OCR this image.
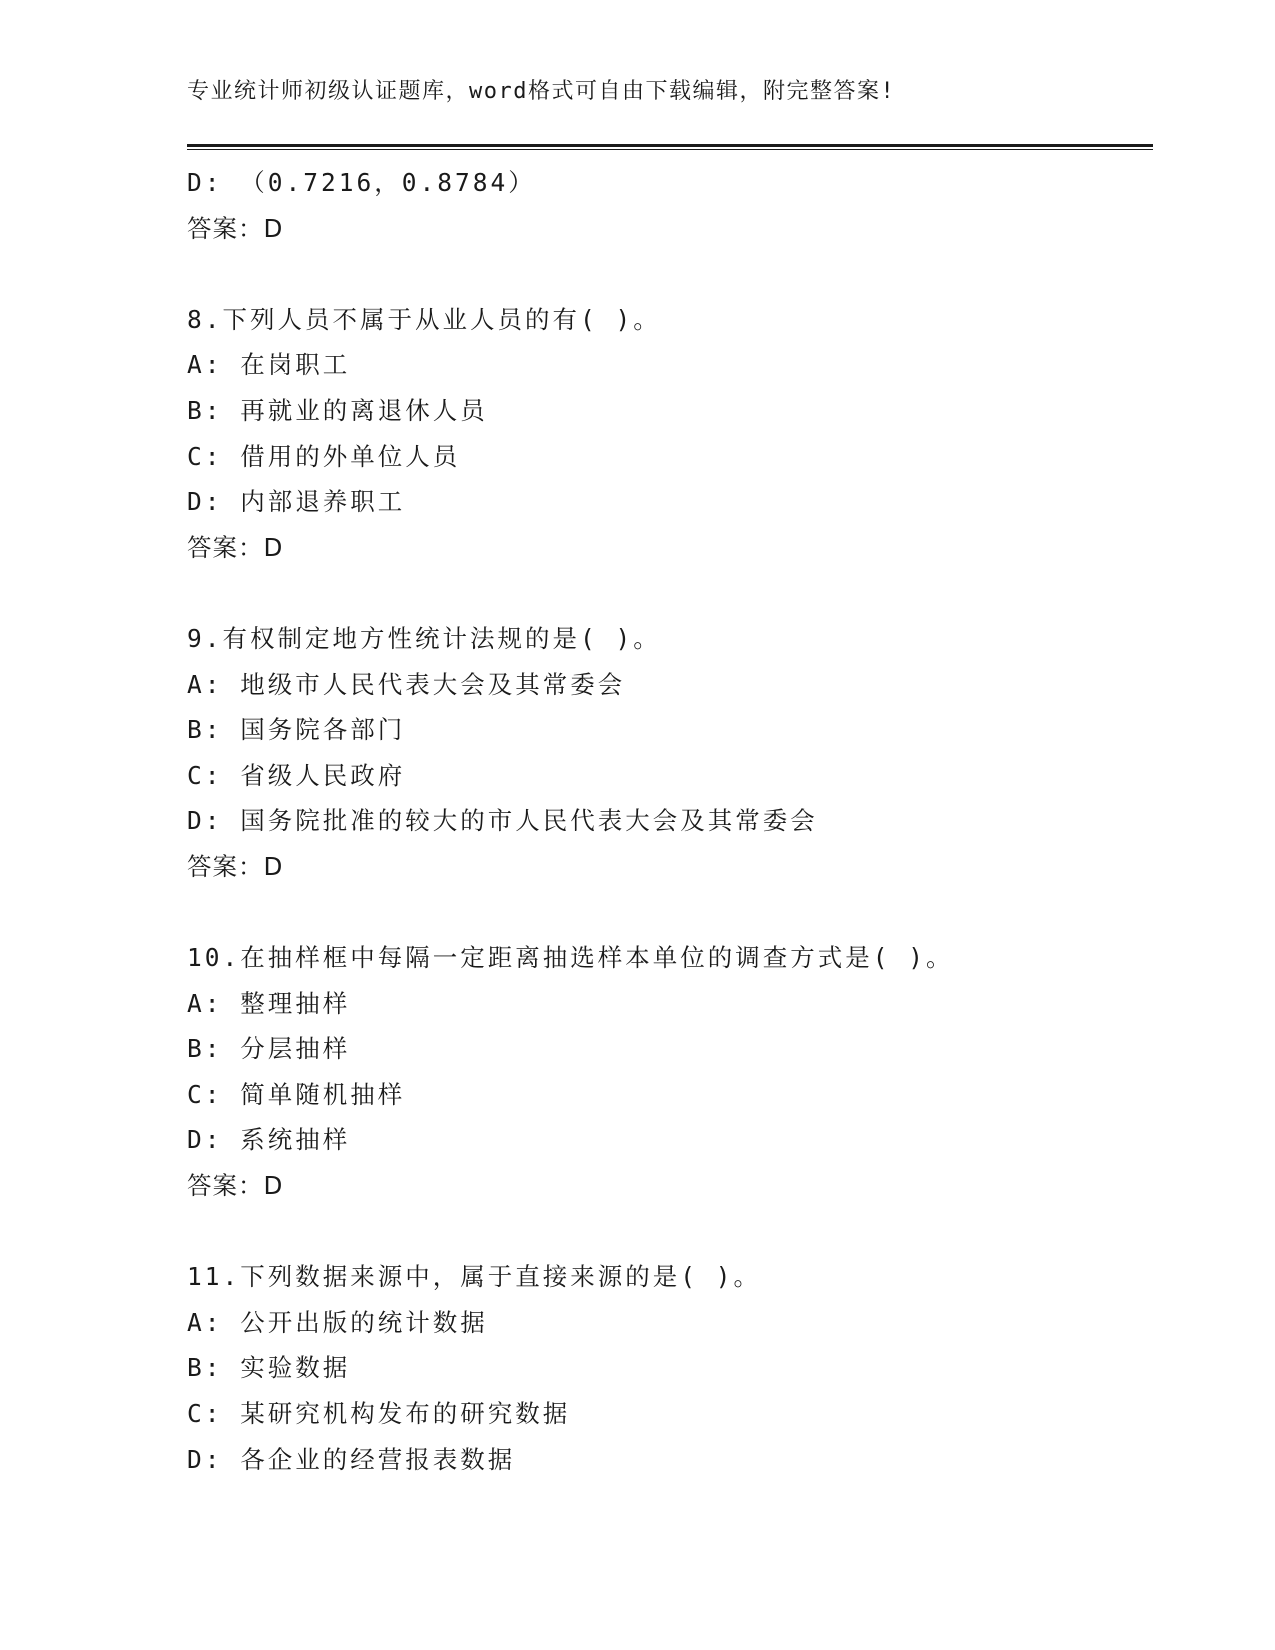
专业统计师初级认证题库，word格式可自由下载编辑，附完整答案!
D: （0.7216，0.8784）
答案：D
8.下列人员不属于从业人员的有( )。
A: 在岗职工
B: 再就业的离退休人员
C: 借用的外单位人员
D: 内部退养职工
答案：D
9.有权制定地方性统计法规的是( )。
A: 地级市人民代表大会及其常委会
B: 国务院各部门
C: 省级人民政府
D: 国务院批准的较大的市人民代表大会及其常委会
答案：D
10.在抽样框中每隔一定距离抽选样本单位的调查方式是( )。
A: 整理抽样
B: 分层抽样
C: 简单随机抽样
D: 系统抽样
答案：D
11.下列数据来源中，属于直接来源的是( )。
A: 公开出版的统计数据
B: 实验数据
C: 某研究机构发布的研究数据
D: 各企业的经营报表数据
